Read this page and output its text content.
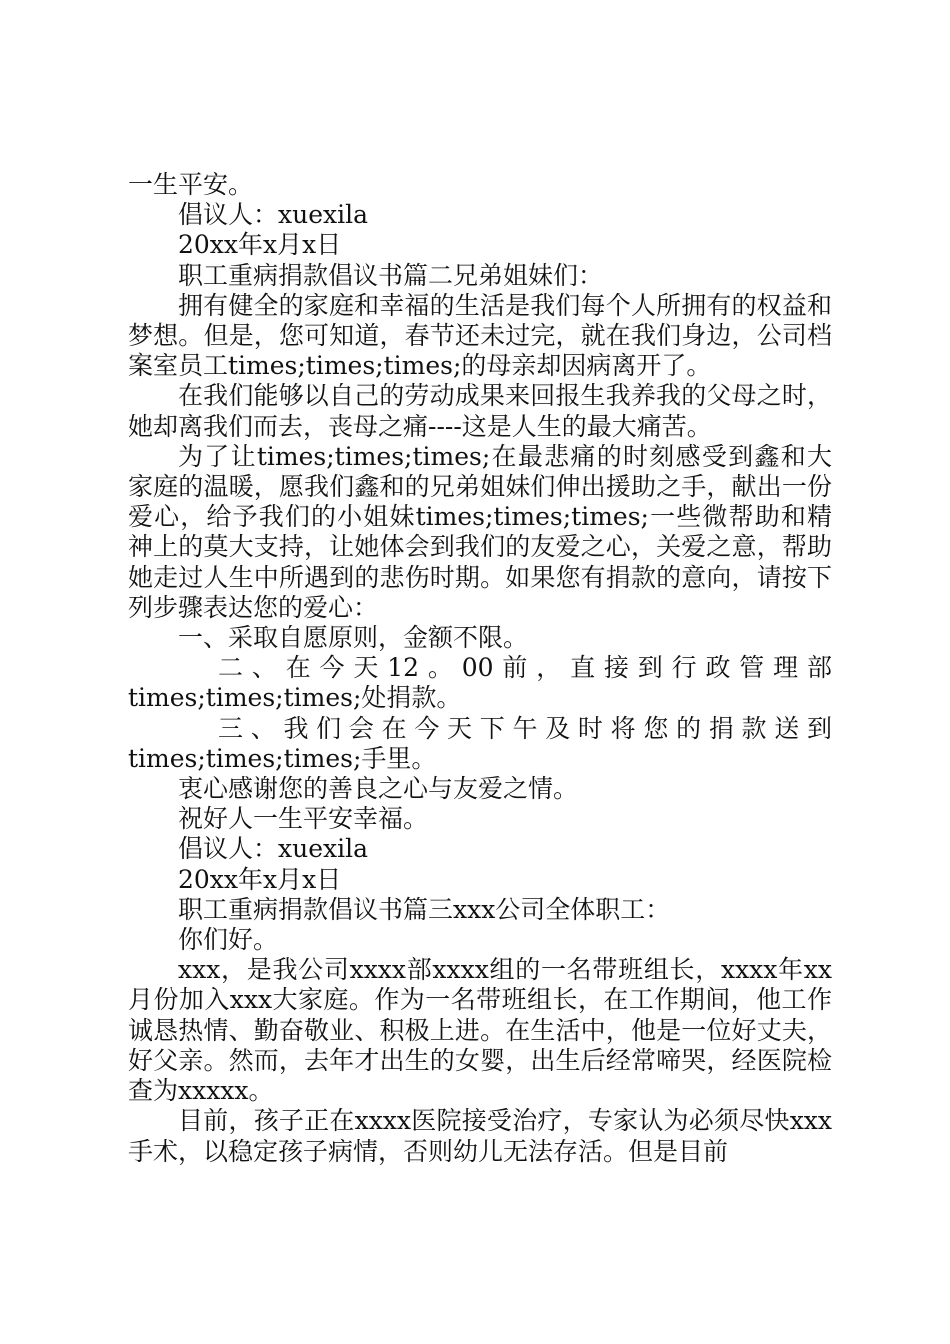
一生平安。

倡议人：xuexila

20xx年x月x日

职工重病捐款倡议书篇二兄弟姐妹们：

拥有健全的家庭和幸福的生活是我们每个人所拥有的权益和梦想。但是，您可知道，春节还未过完，就在我们身边，公司档案室员工times;times;times;的母亲却因病离开了。

在我们能够以自己的劳动成果来回报生我养我的父母之时，她却离我们而去，丧母之痛----这是人生的最大痛苦。

为了让times;times;times;在最悲痛的时刻感受到鑫和大家庭的温暖，愿我们鑫和的兄弟姐妹们伸出援助之手，献出一份爱心，给予我们的小姐妹times;times;times;一些微帮助和精神上的莫大支持，让她体会到我们的友爱之心，关爱之意，帮助她走过人生中所遇到的悲伤时期。如果您有捐款的意向，请按下列步骤表达您的爱心：

一、采取自愿原则，金额不限。

二、在今天12。00前，直接到行政管理部times;times;times;处捐款。

三、我们会在今天下午及时将您的捐款送到times;times;times;手里。

衷心感谢您的善良之心与友爱之情。

祝好人一生平安幸福。

倡议人：xuexila

20xx年x月x日

职工重病捐款倡议书篇三xxx公司全体职工：

你们好。

xxx，是我公司xxxx部xxxx组的一名带班组长，xxxx年xx月份加入xxx大家庭。作为一名带班组长，在工作期间，他工作诚恳热情、勤奋敬业、积极上进。在生活中，他是一位好丈夫，好父亲。然而，去年才出生的女婴，出生后经常啼哭，经医院检查为xxxxx。

目前，孩子正在xxxx医院接受治疗，专家认为必须尽快xxx手术，以稳定孩子病情，否则幼儿无法存活。但是目前
